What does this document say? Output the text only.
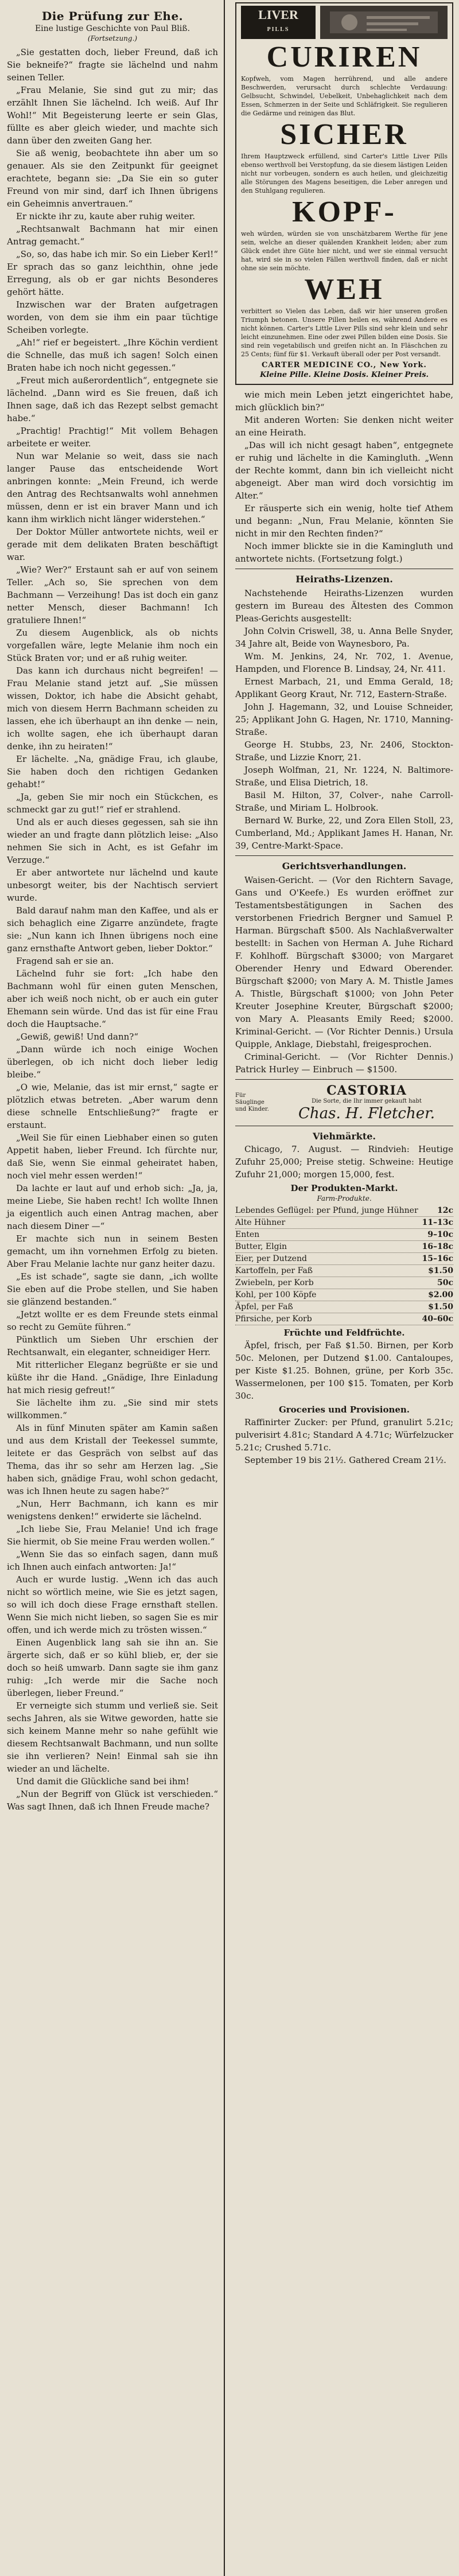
Die Prüfung zur Ehe.
Eine lustige Geschichte von Paul Bliß.
(Fortsetzung.)

„Sie gestatten doch, lieber Freund, daß ich Sie bekneife?“ fragte sie lächelnd und nahm seinen Teller.

„Frau Melanie, Sie sind gut zu mir; das erzählt Ihnen Sie lächelnd. Ich weiß. Auf Ihr Wohl!“ Mit Begeisterung leerte er sein Glas, füllte es aber gleich wieder, und machte sich dann über den zweiten Gang her.

Sie aß wenig, beobachtete ihn aber um so genauer. Als sie den Zeitpunkt für geeignet erachtete, begann sie: „Da Sie ein so guter Freund von mir sind, darf ich Ihnen übrigens ein Geheimnis anvertrauen.“

Er nickte ihr zu, kaute aber ruhig weiter.

„Rechtsanwalt Bachmann hat mir einen Antrag gemacht.“

„So, so, das habe ich mir. So ein Lieber Kerl!“ Er sprach das so ganz leichthin, ohne jede Erregung, als ob er gar nichts Besonderes gehört hätte.

Inzwischen war der Braten aufgetragen worden, von dem sie ihm ein paar tüchtige Scheiben vorlegte.

„Ah!“ rief er begeistert. „Ihre Köchin verdient die Schnelle, das muß ich sagen! Solch einen Braten habe ich noch nicht gegessen.“

„Freut mich außerordentlich“, entgegnete sie lächelnd. „Dann wird es Sie freuen, daß ich Ihnen sage, daß ich das Rezept selbst gemacht habe.“

„Prachtig! Prachtig!“ Mit vollem Behagen arbeitete er weiter.

Nun war Melanie so weit, dass sie nach langer Pause das entscheidende Wort anbringen konnte: „Mein Freund, ich werde den Antrag des Rechtsanwalts wohl annehmen müssen, denn er ist ein braver Mann und ich kann ihm wirklich nicht länger widerstehen.“

Der Doktor Müller antwortete nichts, weil er gerade mit dem delikaten Braten beschäftigt war.

„Wie? Wer?“ Erstaunt sah er auf von seinem Teller. „Ach so, Sie sprechen von dem Bachmann — Verzeihung! Das ist doch ein ganz netter Mensch, dieser Bachmann! Ich gratuliere Ihnen!“

Zu diesem Augenblick, als ob nichts vorgefallen wäre, legte Melanie ihm noch ein Stück Braten vor; und er aß ruhig weiter.

Das kann ich durchaus nicht begreifen! — Frau Melanie stand jetzt auf. „Sie müssen wissen, Doktor, ich habe die Absicht gehabt, mich von diesem Herrn Bachmann scheiden zu lassen, ehe ich überhaupt an ihn denke — nein, ich wollte sagen, ehe ich überhaupt daran denke, ihn zu heiraten!“

Er lächelte. „Na, gnädige Frau, ich glaube, Sie haben doch den richtigen Gedanken gehabt!“

„Ja, geben Sie mir noch ein Stückchen, es schmeckt gar zu gut!“ rief er strahlend.

Und als er auch dieses gegessen, sah sie ihn wieder an und fragte dann plötzlich leise: „Also nehmen Sie sich in Acht, es ist Gefahr im Verzuge.“

Er aber antwortete nur lächelnd und kaute unbesorgt weiter, bis der Nachtisch serviert wurde.

Bald darauf nahm man den Kaffee, und als er sich behaglich eine Zigarre anzündete, fragte sie: „Nun kann ich Ihnen übrigens noch eine ganz ernsthafte Antwort geben, lieber Doktor.“

Fragend sah er sie an.

Lächelnd fuhr sie fort: „Ich habe den Bachmann wohl für einen guten Menschen, aber ich weiß noch nicht, ob er auch ein guter Ehemann sein würde. Und das ist für eine Frau doch die Hauptsache.“

„Gewiß, gewiß! Und dann?“

„Dann würde ich noch einige Wochen überlegen, ob ich nicht doch lieber ledig bleibe.“

„O wie, Melanie, das ist mir ernst,“ sagte er plötzlich etwas betreten. „Aber warum denn diese schnelle Entschließung?“ fragte er erstaunt.

„Weil Sie für einen Liebhaber einen so guten Appetit haben, lieber Freund. Ich fürchte nur, daß Sie, wenn Sie einmal geheiratet haben, noch viel mehr essen werden!“

Da lachte er laut auf und erhob sich: „Ja, ja, meine Liebe, Sie haben recht! Ich wollte Ihnen ja eigentlich auch einen Antrag machen, aber nach diesem Diner —“

Er machte sich nun in seinem Besten gemacht, um ihn vornehmen Erfolg zu bieten. Aber Frau Melanie lachte nur ganz heiter dazu.

„Es ist schade“, sagte sie dann, „ich wollte Sie eben auf die Probe stellen, und Sie haben sie glänzend bestanden.“

„Jetzt wollte er es dem Freunde stets einmal so recht zu Gemüte führen.“

Pünktlich um Sieben Uhr erschien der Rechtsanwalt, ein eleganter, schneidiger Herr.

Mit ritterlicher Eleganz begrüßte er sie und küßte ihr die Hand. „Gnädige, Ihre Einladung hat mich riesig gefreut!“

Sie lächelte ihm zu. „Sie sind mir stets willkommen.“

Als in fünf Minuten später am Kamin saßen und aus dem Kristall der Teekessel summte, leitete er das Gespräch von selbst auf das Thema, das ihr so sehr am Herzen lag. „Sie haben sich, gnädige Frau, wohl schon gedacht, was ich Ihnen heute zu sagen habe?“

„Nun, Herr Bachmann, ich kann es mir wenigstens denken!“ erwiderte sie lächelnd.

„Ich liebe Sie, Frau Melanie! Und ich frage Sie hiermit, ob Sie meine Frau werden wollen.“

„Wenn Sie das so einfach sagen, dann muß ich Ihnen auch einfach antworten: Ja!“

Auch er wurde lustig. „Wenn ich das auch nicht so wörtlich meine, wie Sie es jetzt sagen, so will ich doch diese Frage ernsthaft stellen. Wenn Sie mich nicht lieben, so sagen Sie es mir offen, und ich werde mich zu trösten wissen.“

Einen Augenblick lang sah sie ihn an. Sie ärgerte sich, daß er so kühl blieb, er, der sie doch so heiß umwarb. Dann sagte sie ihm ganz ruhig: „Ich werde mir die Sache noch überlegen, lieber Freund.“

Er verneigte sich stumm und verließ sie. Seit sechs Jahren, als sie Witwe geworden, hatte sie sich keinem Manne mehr so nahe gefühlt wie diesem Rechtsanwalt Bachmann, und nun sollte sie ihn verlieren? Nein! Einmal sah sie ihn wieder an und lächelte.

Und damit die Glückliche sand bei ihm!

„Nun der Begriff von Glück ist verschieden.“ Was sagt Ihnen, daß ich Ihnen Freude mache?

LIVER
PILLS
CURIREN
Kopfweh, vom Magen herrührend, und alle andere Beschwerden, verursacht durch schlechte Verdauung: Gelbsucht, Schwindel, Uebelkeit, Unbehaglichkeit nach dem Essen, Schmerzen in der Seite und Schläfrigkeit. Sie regulieren die Gedärme und reinigen das Blut.
SICHER
Ihrem Hauptzweck erfüllend, sind Carter's Little Liver Pills ebenso werthvoll bei Verstopfung, da sie diesem lästigen Leiden nicht nur vorbeugen, sondern es auch heilen, und gleichzeitig alle Störungen des Magens beseitigen, die Leber anregen und den Stuhlgang regulieren.
KOPF-
weh würden, würden sie von unschätzbarem Werthe für jene sein, welche an dieser quälenden Krankheit leiden; aber zum Glück endet ihre Güte hier nicht, und wer sie einmal versucht hat, wird sie in so vielen Fällen werthvoll finden, daß er nicht ohne sie sein möchte.
WEH
verbittert so Vielen das Leben, daß wir hier unseren großen Triumph betonen. Unsere Pillen heilen es, während Andere es nicht können. Carter's Little Liver Pills sind sehr klein und sehr leicht einzunehmen. Eine oder zwei Pillen bilden eine Dosis. Sie sind rein vegetabilisch und greifen nicht an. In Fläschchen zu 25 Cents; fünf für $1. Verkauft überall oder per Post versandt.
CARTER MEDICINE CO., New York.
Kleine Pille. Kleine Dosis. Kleiner Preis.

wie mich mein Leben jetzt eingerichtet habe, mich glücklich bin?“

Mit anderen Worten: Sie denken nicht weiter an eine Heirath.

„Das will ich nicht gesagt haben“, entgegnete er ruhig und lächelte in die Kamingluth. „Wenn der Rechte kommt, dann bin ich vielleicht nicht abgeneigt. Aber man wird doch vorsichtig im Alter.“

Er räusperte sich ein wenig, holte tief Athem und begann: „Nun, Frau Melanie, könnten Sie nicht in mir den Rechten finden?“

Noch immer blickte sie in die Kamingluth und antwortete nichts. (Fortsetzung folgt.)

Heiraths-Lizenzen.

Nachstehende Heiraths-Lizenzen wurden gestern im Bureau des Ältesten des Common Pleas-Gerichts ausgestellt:

John Colvin Criswell, 38, u. Anna Belle Snyder, 34 Jahre alt, Beide von Waynesboro, Pa.

Wm. M. Jenkins, 24, Nr. 702, 1. Avenue, Hampden, und Florence B. Lindsay, 24, Nr. 411.

Ernest Marbach, 21, und Emma Gerald, 18; Applikant Georg Kraut, Nr. 712, Eastern-Straße.

John J. Hagemann, 32, und Louise Schneider, 25; Applikant John G. Hagen, Nr. 1710, Manning-Straße.

George H. Stubbs, 23, Nr. 2406, Stockton-Straße, und Lizzie Knorr, 21.

Joseph Wolfman, 21, Nr. 1224, N. Baltimore-Straße, und Elisa Dietrich, 18.

Basil M. Hilton, 37, Colver-, nahe Carroll-Straße, und Miriam L. Holbrook.

Bernard W. Burke, 22, und Zora Ellen Stoll, 23, Cumberland, Md.; Applikant James H. Hanan, Nr. 39, Centre-Markt-Space.

Gerichtsverhandlungen.

Waisen-Gericht. — (Vor den Richtern Savage, Gans und O'Keefe.) Es wurden eröffnet zur Testamentsbestätigungen in Sachen des verstorbenen Friedrich Bergner und Samuel P. Harman. Bürgschaft $500. Als Nachlaßverwalter bestellt: in Sachen von Herman A. Juhe Richard F. Kohlhoff. Bürgschaft $3000; von Margaret Oberender Henry und Edward Oberender. Bürgschaft $2000; von Mary A. M. Thistle James A. Thistle, Bürgschaft $1000; von John Peter Kreuter Josephine Kreuter, Bürgschaft $2000; von Mary A. Pleasants Emily Reed; $2000. Kriminal-Gericht. — (Vor Richter Dennis.) Ursula Quipple, Anklage, Diebstahl, freigesprochen.

Criminal-Gericht. — (Vor Richter Dennis.) Patrick Hurley — Einbruch — $1500.

Für Säuglinge und Kinder.
CASTORIA
Die Sorte, die Ihr immer gekauft habt
Chas. H. Fletcher.
Viehmärkte.

Chicago, 7. August. — Rindvieh: Heutige Zufuhr 25,000; Preise stetig. Schweine: Heutige Zufuhr 21,000; morgen 15,000, fest.

Der Produkten-Markt.
Farm-Produkte.
Lebendes Geflügel: per Pfund, junge Hühner	12c
Alte Hühner	11–13c
Enten	9–10c
Butter, Elgin	16–18c
Eier, per Dutzend	15–16c
Kartoffeln, per Faß	$1.50
Zwiebeln, per Korb	50c
Kohl, per 100 Köpfe	$2.00
Äpfel, per Faß	$1.50
Pfirsiche, per Korb	40–60c
Früchte und Feldfrüchte.

Äpfel, frisch, per Faß $1.50. Birnen, per Korb 50c. Melonen, per Dutzend $1.00. Cantaloupes, per Kiste $1.25. Bohnen, grüne, per Korb 35c. Wassermelonen, per 100 $15. Tomaten, per Korb 30c.

Groceries und Provisionen.

Raffinirter Zucker: per Pfund, granulirt 5.21c; pulverisirt 4.81c; Standard A 4.71c; Würfelzucker 5.21c; Crushed 5.71c.

September 19 bis 21½. Gathered Cream 21½.
